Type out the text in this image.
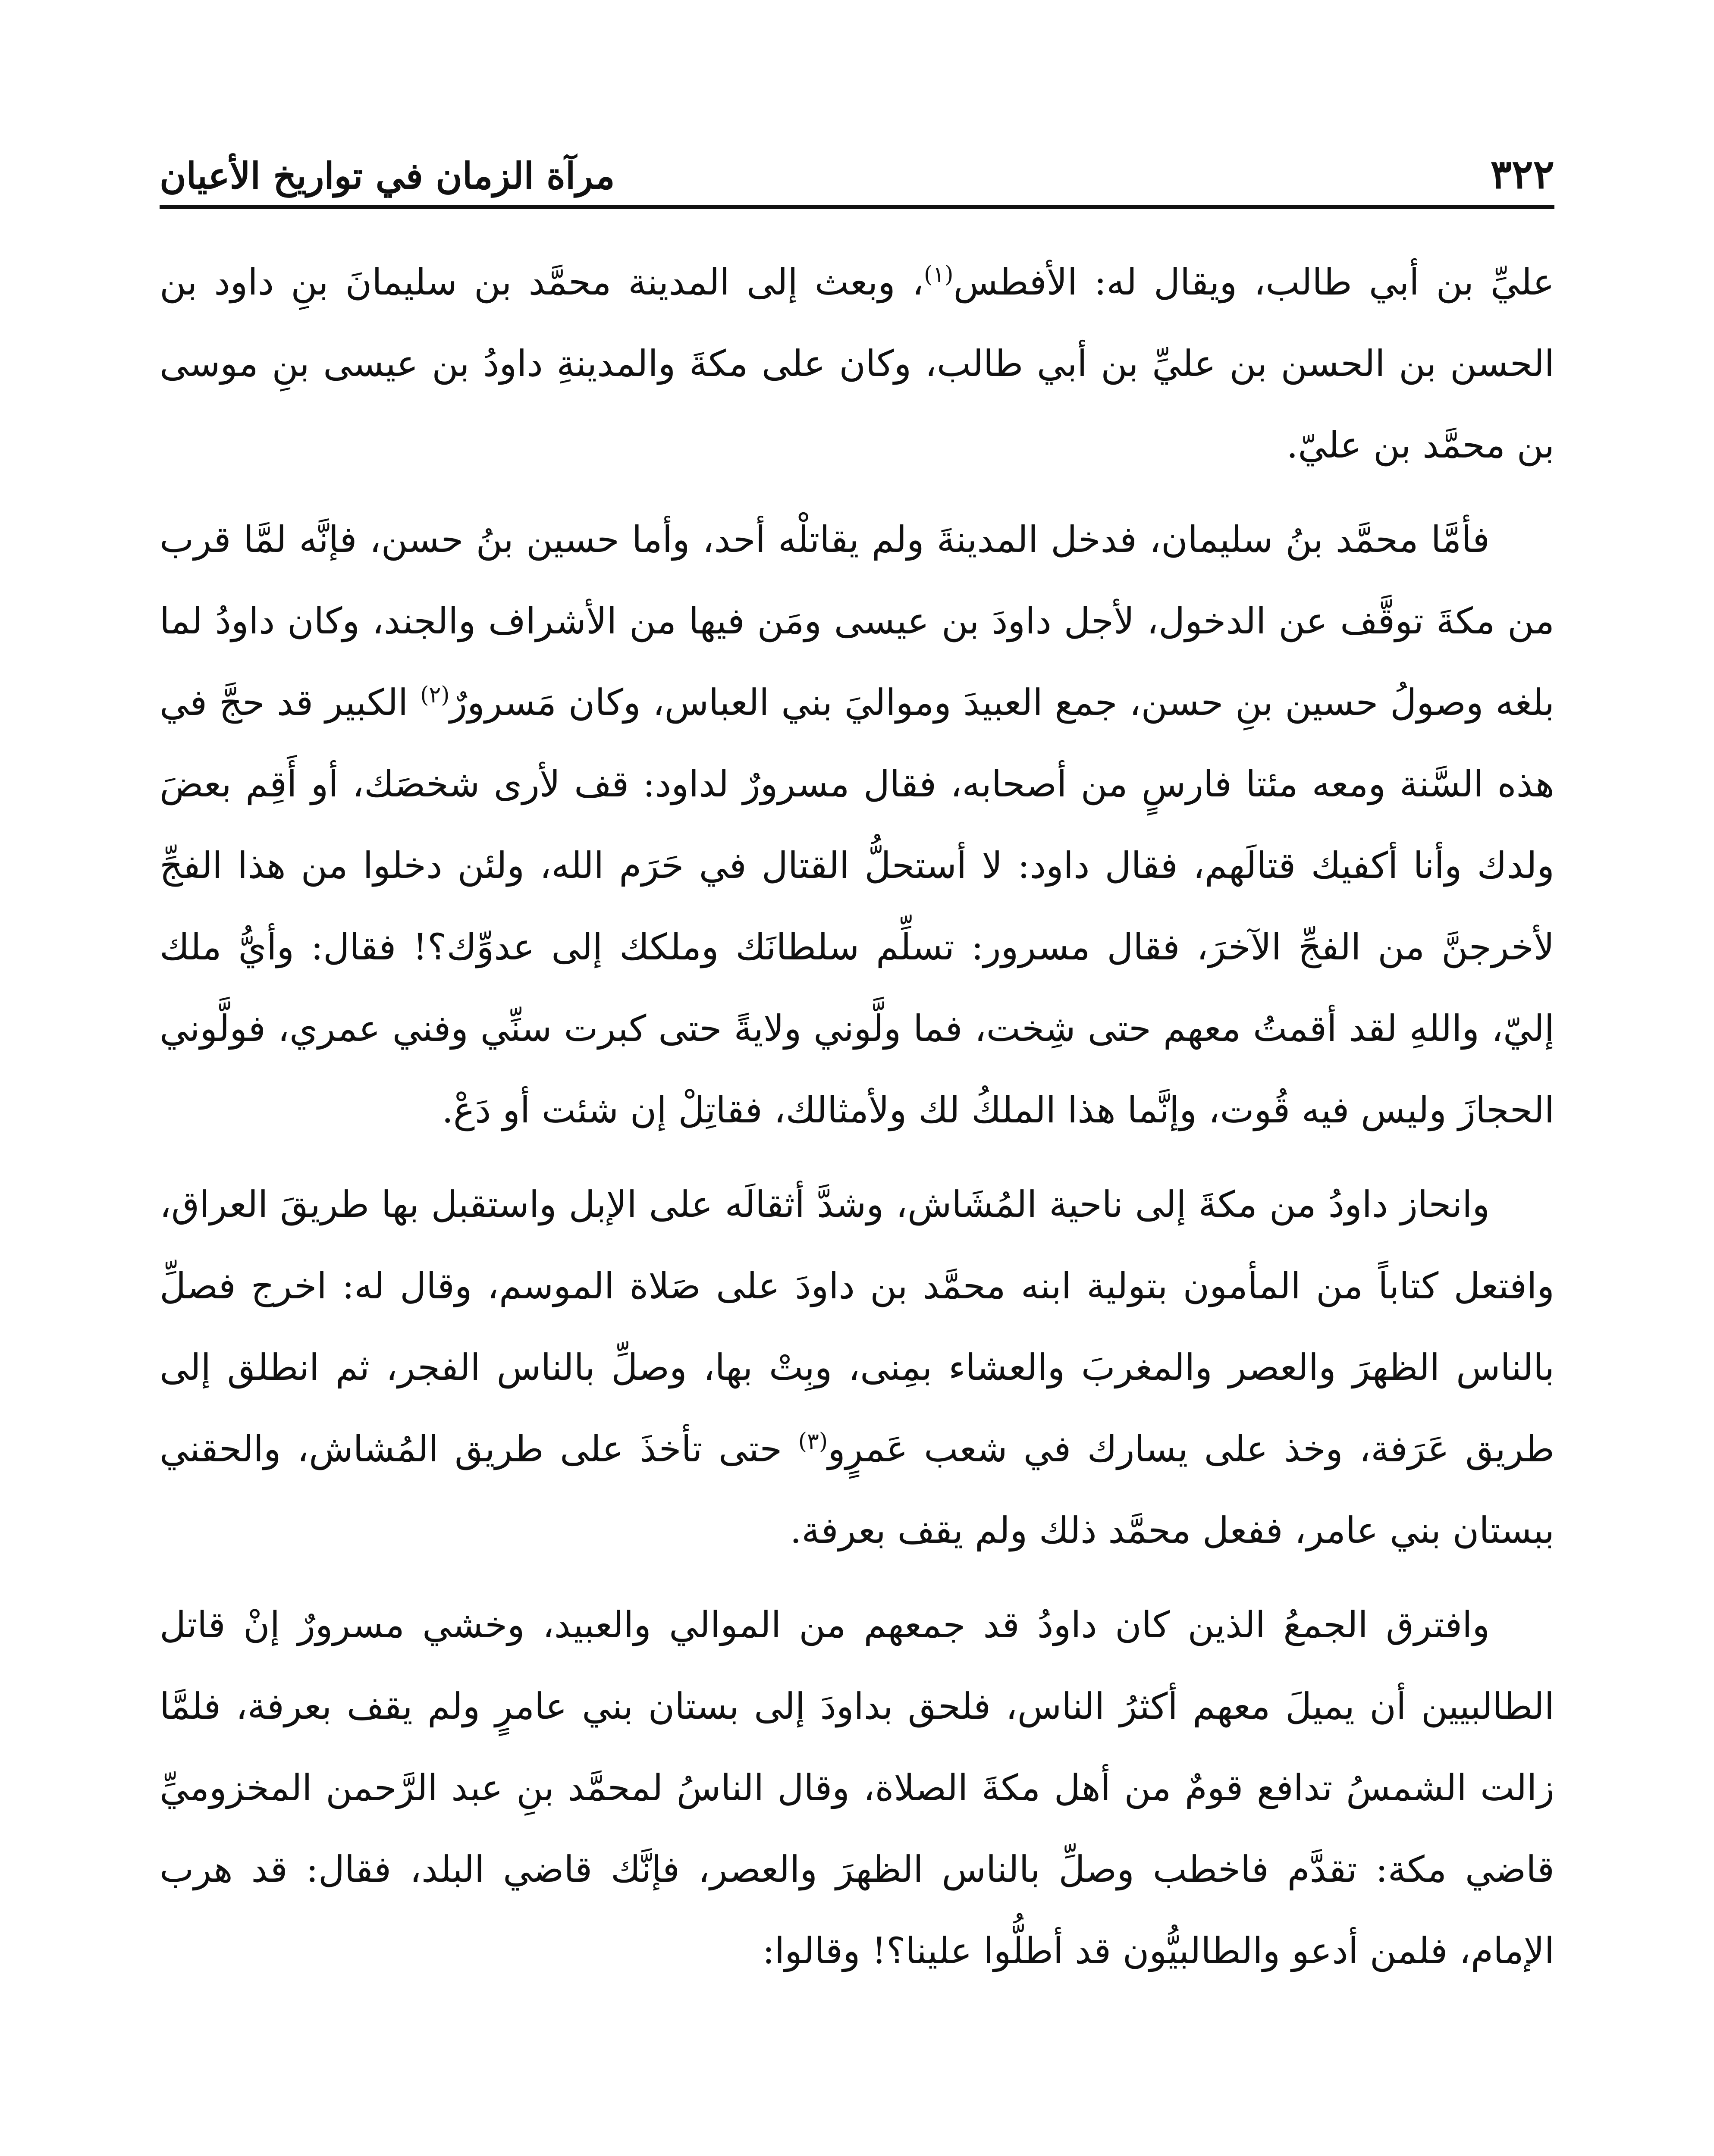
٣٢٢
مرآة الزمان في تواريخ الأعيان

عليِّ بن أبي طالب، ويقال له: الأفطس$^{(١)}$، وبعث إلى المدينة محمَّد بن سليمانَ بنِ داود بن الحسن بن الحسن بن عليِّ بن أبي طالب، وكان على مكةَ والمدينةِ داودُ بن عيسى بنِ موسى بن محمَّد بن عليّ.

فأمَّا محمَّد بنُ سليمان، فدخل المدينةَ ولم يقاتلْه أحد، وأما حسين بنُ حسن، فإنَّه لمَّا قرب من مكةَ توقَّف عن الدخول، لأجل داودَ بن عيسى ومَن فيها من الأشراف والجند، وكان داودُ لما بلغه وصولُ حسين بنِ حسن، جمع العبيدَ ومواليَ بني العباس، وكان مَسرورٌ$^{(٢)}$ الكبير قد حجَّ في هذه السَّنة ومعه مئتا فارسٍ من أصحابه، فقال مسرورٌ لداود: قف لأرى شخصَك، أو أَقِم بعضَ ولدك وأنا أكفيك قتالَهم، فقال داود: لا أستحلُّ القتال في حَرَم الله، ولئن دخلوا من هذا الفجِّ لأخرجنَّ من الفجِّ الآخرَ، فقال مسرور: تسلِّم سلطانَك وملكك إلى عدوِّك؟! فقال: وأيُّ ملك إليّ، واللهِ لقد أقمتُ معهم حتى شِخت، فما ولَّوني ولايةً حتى كبرت سنِّي وفني عمري، فولَّوني الحجازَ وليس فيه قُوت، وإنَّما هذا الملكُ لك ولأمثالك، فقاتِلْ إن شئت أو دَعْ.

وانحاز داودُ من مكةَ إلى ناحية المُشَاش، وشدَّ أثقالَه على الإبل واستقبل بها طريقَ العراق، وافتعل كتاباً من المأمون بتولية ابنه محمَّد بن داودَ على صَلاة الموسم، وقال له: اخرج فصلِّ بالناس الظهرَ والعصر والمغربَ والعشاء بمِنى، وبِتْ بها، وصلِّ بالناس الفجر، ثم انطلق إلى طريق عَرَفة، وخذ على يسارك في شعب عَمرٍو$^{(٣)}$ حتى تأخذَ على طريق المُشاش، والحقني ببستان بني عامر، ففعل محمَّد ذلك ولم يقف بعرفة.

وافترق الجمعُ الذين كان داودُ قد جمعهم من الموالي والعبيد، وخشي مسرورٌ إنْ قاتل الطالبيين أن يميلَ معهم أكثرُ الناس، فلحق بداودَ إلى بستان بني عامرٍ ولم يقف بعرفة، فلمَّا زالت الشمسُ تدافع قومٌ من أهل مكةَ الصلاة، وقال الناسُ لمحمَّد بنِ عبد الرَّحمن المخزوميِّ قاضي مكة: تقدَّم فاخطب وصلِّ بالناس الظهرَ والعصر، فإنَّك قاضي البلد، فقال: قد هرب الإمام، فلمن أدعو والطالبيُّون قد أطلُّوا علينا؟! وقالوا:
